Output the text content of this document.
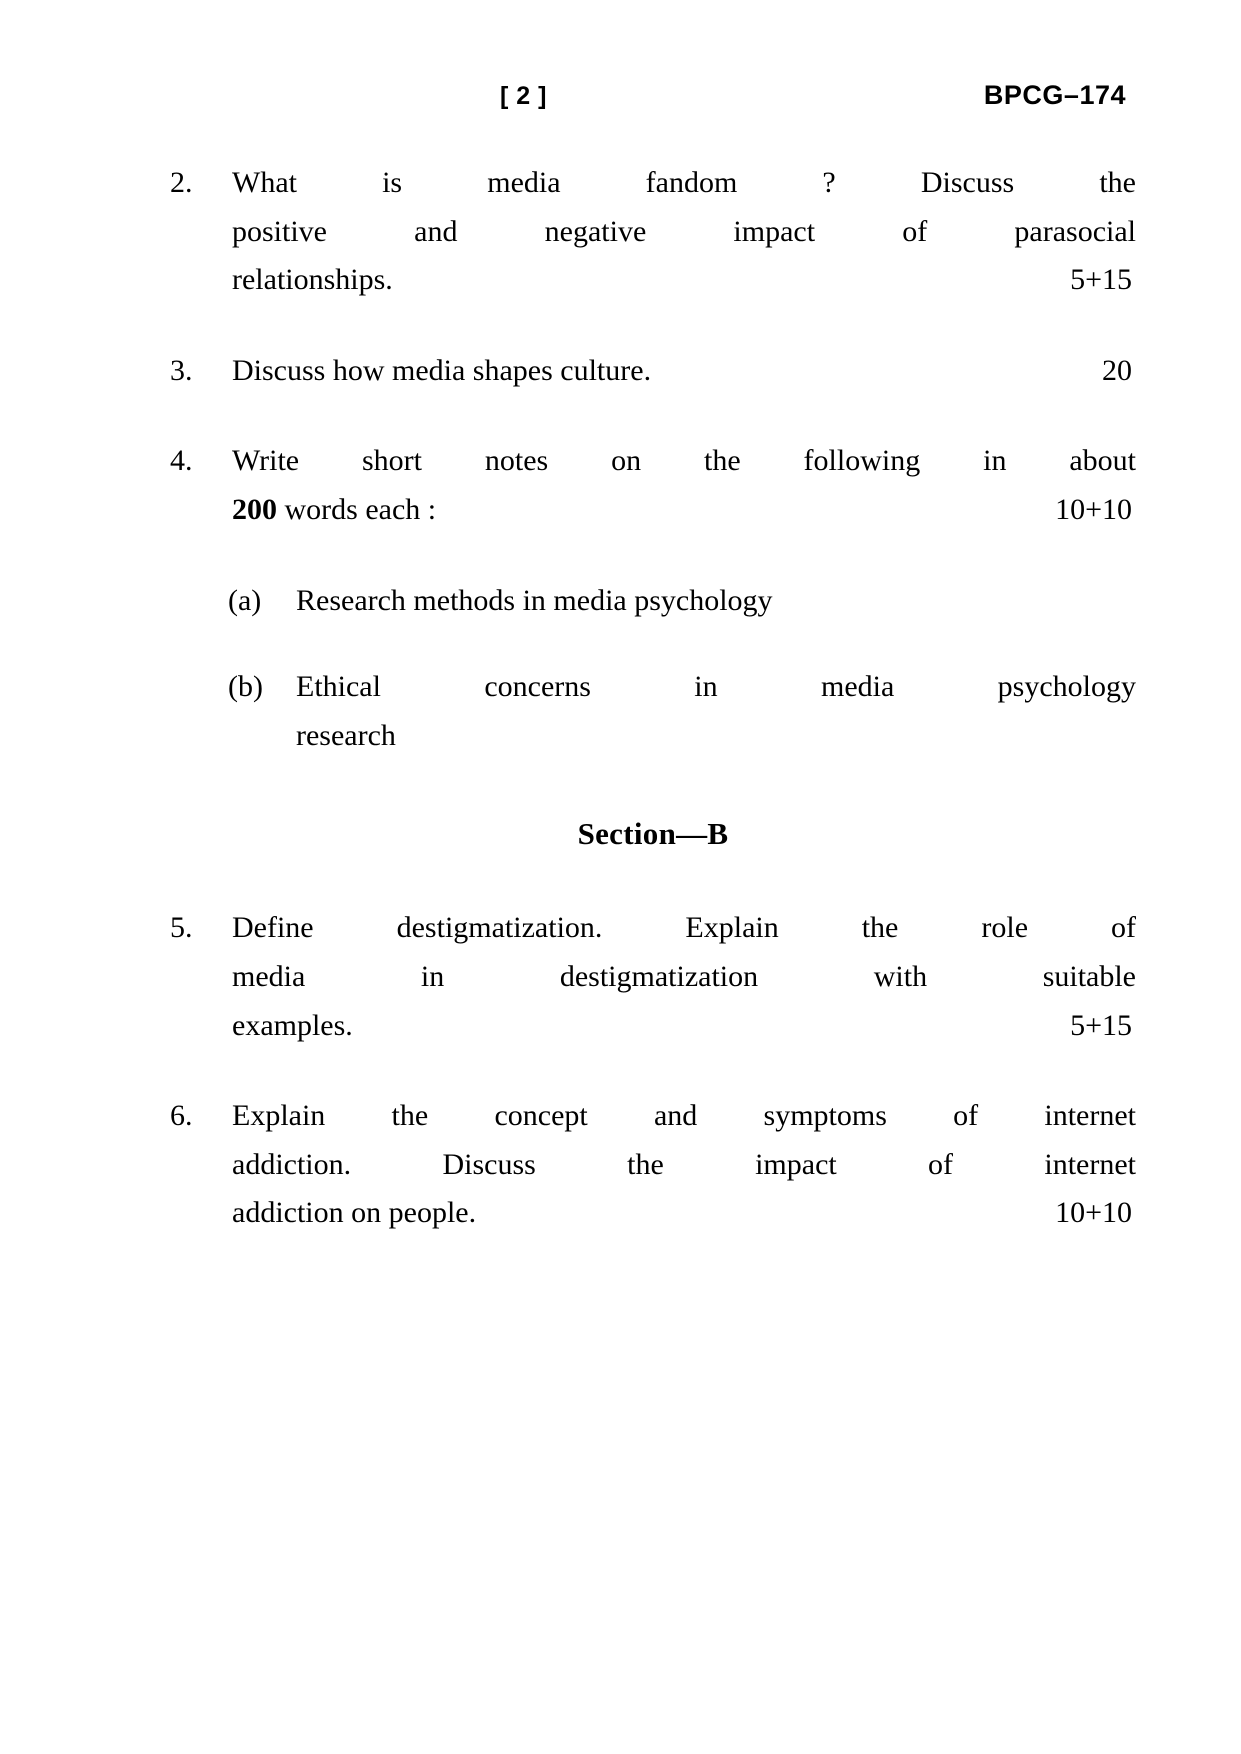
[ 2 ]	BPCG–174
2.	What is media fandom ? Discuss the
positive and negative impact of parasocial
relationships.	5+15
3.	Discuss how media shapes culture.	20
4.	Write short notes on the following in about
200 words each :	10+10
(a)	Research methods in media psychology
(b)	Ethical concerns in media psychology
research
Section—B
5.	Define destigmatization. Explain the role of
media in destigmatization with suitable
examples.	5+15
6.	Explain the concept and symptoms of internet
addiction. Discuss the impact of internet
addiction on people.	10+10
